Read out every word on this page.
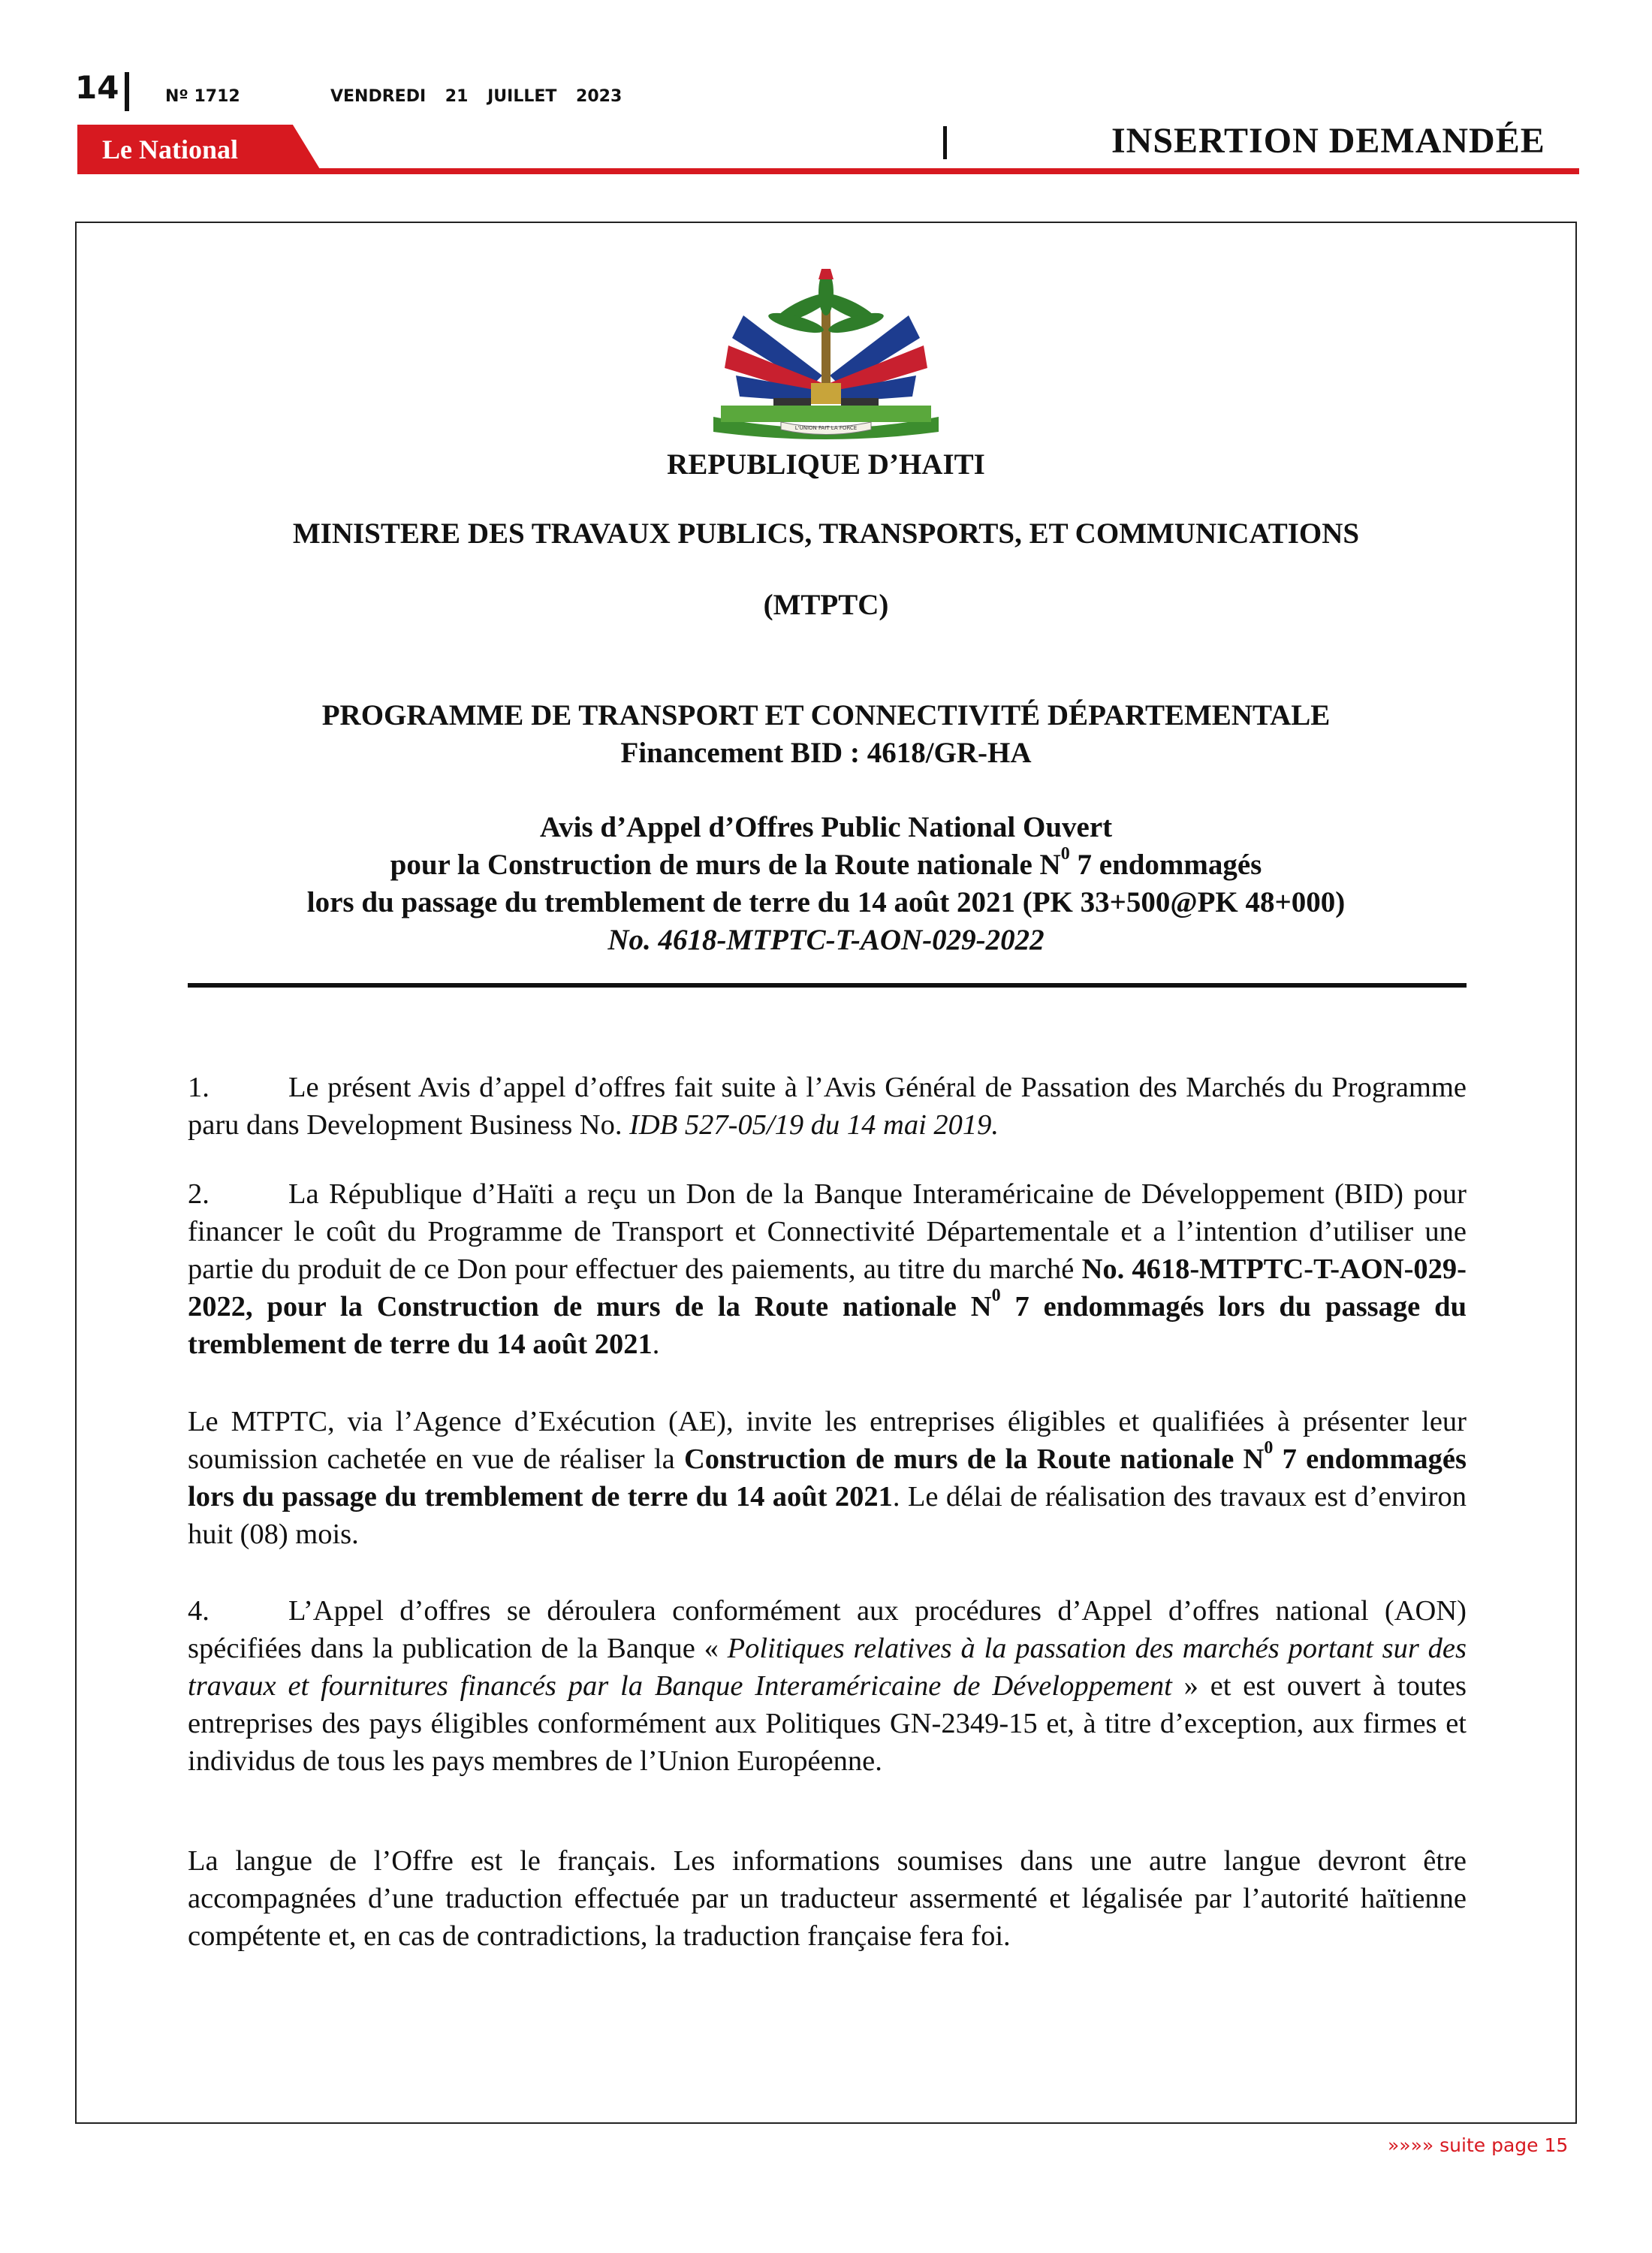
14	Nº 1712	VENDREDI 21 JUILLET 2023
Le National	INSERTION DEMANDÉE
L'UNION FAIT LA FORCE
REPUBLIQUE D’HAITI
MINISTERE DES TRAVAUX PUBLICS, TRANSPORTS, ET COMMUNICATIONS
(MTPTC)
PROGRAMME DE TRANSPORT ET CONNECTIVITÉ DÉPARTEMENTALE
Financement BID : 4618/GR-HA
Avis d’Appel d’Offres Public National Ouvert
pour la Construction de murs de la Route nationale $N^0$ 7 endommagés
lors du passage du tremblement de terre du 14 août 2021 (PK 33+500@PK 48+000)
No. 4618-MTPTC-T-AON-029-2022
1.	Le présent Avis d’appel d’offres fait suite à l’Avis Général de Passation des Marchés du Programme paru dans Development Business No. IDB 527-05/19 du 14 mai 2019.
2.	La République d’Haïti a reçu un Don de la Banque Interaméricaine de Développement (BID) pour financer le coût du Programme de Transport et Connectivité Départementale et a l’intention d’utiliser une partie du produit de ce Don pour effectuer des paiements, au titre du marché No. 4618-MTPTC-T-AON-029-2022, pour la Construction de murs de la Route nationale $N^0$ 7 endommagés lors du passage du tremblement de terre du 14 août 2021.
Le MTPTC, via l’Agence d’Exécution (AE), invite les entreprises éligibles et qualifiées à présenter leur soumission cachetée en vue de réaliser la Construction de murs de la Route nationale $N^0$ 7 endommagés lors du passage du tremblement de terre du 14 août 2021. Le délai de réalisation des travaux est d’environ huit (08) mois.
4.	L’Appel d’offres se déroulera conformément aux procédures d’Appel d’offres national (AON) spécifiées dans la publication de la Banque « Politiques relatives à la passation des marchés portant sur des travaux et fournitures financés par la Banque Interaméricaine de Développement » et est ouvert à toutes entreprises des pays éligibles conformément aux Politiques GN-2349-15 et, à titre d’exception, aux firmes et individus de tous les pays membres de l’Union Européenne.
La langue de l’Offre est le français. Les informations soumises dans une autre langue devront être accompagnées d’une traduction effectuée par un traducteur assermenté et légalisée par l’autorité haïtienne compétente et, en cas de contradictions, la traduction française fera foi.
»»»» suite page 15
